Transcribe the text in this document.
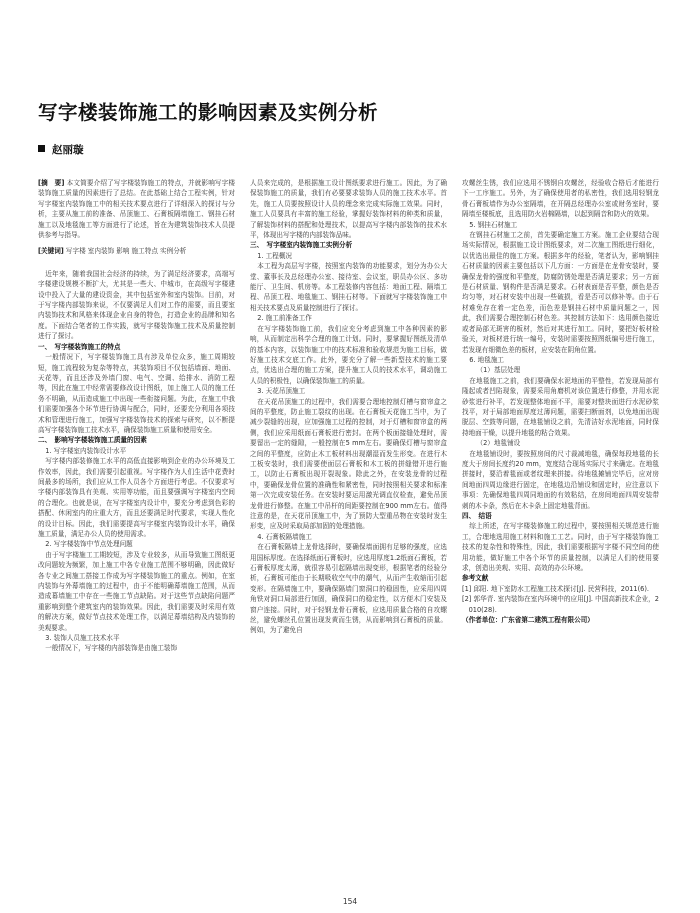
写字楼装饰施工的影响因素及实例分析
赵丽璇

[摘　要] 本文简要介绍了写字楼装饰施工的特点，并就影响写字楼装饰施工质量的因素进行了总结。在此基础上结合工程实例，针对写字楼室内装饰施工中的相关技术要点进行了详细深入的探讨与分析，主要从施工前的准备、吊顶施工、石膏板隔墙施工、钢挂石材施工以及地毯施工等方面进行了论述，旨在为建筑装饰技术人员提供参考与指导。

[关键词] 写字楼 室内装饰 影响 施工特点 实例分析

近年来，随着我国社会经济的持续，为了满足经济要求，高端写字楼建设规模不断扩大，尤其是一些大、中城市，在高级写字楼建设中投入了大量的建设资金，其中包括室外和室内装饰。目前，对于写字楼内部装饰来说，不仅要满足人们对工作的需要，而且要室内装饰技术和风格来体现企业自身的特色，打造企业的品牌和知名度。下面结合笔者的工作实践，就写字楼装饰施工技术及质量控制进行了探讨。

一、　写字楼装饰施工的特点

一般情况下，写字楼装饰施工具有涉及单位众多，施工周期较短，施工流程较为复杂等特点，其装饰项目不仅包括墙面、地面、天花等，而且还涉及外墙门窗、电气、空调、给排水、消防工程等，因此在施工中经常需要修改设计图纸，加上施工人员的施工任务不明确，从而造成施工中出现一些衔接问题。为此，在施工中我们需要加强各个环节进行协调与配合，同时，还要充分利用各项技术和管理进行施工，加强写字楼装饰技术的探索与研究，以不断提高写字楼装饰施工技术水平，确保装饰施工质量和使用安全。

二、　影响写字楼装饰施工质量的因素

1. 写字楼室内装饰设计水平

写字楼内部装修施工水平的高低直接影响到企业的办公环境及工作效率，因此，我们需要引起重视。写字楼作为人们生活中花费时间最多的场所，我们应从工作人员各个方面进行考虑。不仅要求写字楼内部装饰具有美观、实用等功能，而且要强调写字楼室内空间的合理化。也就是说，在写字楼室内设计中，要充分考虑到色彩的搭配、休闲室内的庄重大方，而且还要满足时代要求，实现人性化的设计目标。因此，我们需要提高写字楼室内装饰设计水平，确保施工质量，满足办公人员的使用需求。

2. 写字楼装饰中节点处理问题

由于写字楼施工工期较短，涉及专业较多，从而导致施工图纸更改问题较为频繁，加上施工中各专业施工范围不够明确，因此做好各专业之间施工搭接工作成为写字楼装饰施工的重点。例如，在室内装饰与外幕墙施工的过程中，由于不能明确幕墙施工范围，从而造成幕墙施工中存在一些施工节点缺陷。对于这些节点缺陷问题严重影响到整个建筑室内的装饰效果。因此，我们需要及时采用有效的解决方案，做好节点技术处理工作，以满足幕墙结构及内装饰的美观要求。

3. 装饰人员施工技术水平

一般情况下，写字楼的内部装饰是由施工装饰

人员来完成的，是根据施工设计图纸要求进行施工。因此，为了确保装饰施工的质量，我们有必要要求装饰人员的施工技术水平。首先，施工人员要按照设计人员的理念来完成实际施工效果。同时，施工人员要具有丰富的施工经验，掌握好装饰材料的种类和质量，了解装饰材料的搭配和处理技术，以提高写字楼内部装饰的技术水平，体现出写字楼的内部装饰品味。

三、　写字楼室内装饰施工实例分析

1. 工程概况

本工程为高层写字楼，按照室内装饰的功能要求，划分为办公大堂、董事长及总经理办公室、接待室、会议室，职员办公区、多功能厅、卫生间、机房等。本工程装修内容包括：地面工程、隔墙工程、吊顶工程、地毯施工、钢挂石材等。下面就写字楼装饰施工中相关技术要点及质量控制进行了探讨。

2. 施工前准备工作

在写字楼装饰施工前，我们应充分考虑到施工中各种因素的影响，从而制定出科学合理的施工计划。同时，要掌握好图纸及清单的基本内容，以装饰施工中的技术标准和验收规范为施工目标，做好施工技术交底工作。此外，要充分了解一些新型技术的施工要点，优选出合理的施工方案，提升施工人员的技术水平，调动施工人员的积极性，以确保装饰施工的质量。

3. 天花吊顶施工

在天花吊顶施工的过程中，我们需要合理地控制灯槽与窗帘盒之间的平整度，防止施工裂纹的出现。在石膏板天花施工当中，为了减少裂缝的出现，应加强施工过程的控制，对于灯槽和窗帘盒的两侧，我们应采用纸面石膏板进行密封。在两个板面接缝处理时，需要留出一定的缝隙，一般控制在5 mm左右。要确保灯槽与窗帘盒之间的平整度，应防止木工板材料出现潮湿而发生形变。在进行木工板安装时，我们需要使面层石膏板和木工板的拼缝错开进行施工，以防止石膏板出现开裂现象。除此之外，在安装龙骨的过程中，要确保龙骨位置的准确性和紧密性，同时按照相关要求和标准第一次完成安装任务。在安装时要运用激光调直仪检查，避免吊顶龙骨进行修整。在施工中吊杆的间距要控制在900 mm左右。值得注意的是，在天花吊顶施工中，为了预防大型重吊物在安装时发生形变，应及时采取局部加固的处理措施。

4. 石膏板隔墙施工

在石膏板隔墙上龙骨选择时，要确保墙面拥有足够的强度，应选用国标厚度。在选择纸面石膏板时，应选用厚度1.2纸面石膏板，若石膏板厚度太薄，就很容易引起隔墙出现变形，根据笔者的经验分析，石膏板可能由于长期吸收空气中的潮气，从而产生收缩而引起变形。在隔墙施工中，要确保隔墙门窗洞口的稳固性，应采用四周角铁对洞口局部进行加固，确保洞口的稳定性，以方便木门安装及窗户连接。同时，对于轻钢龙骨石膏板，应选用质量合格的自攻螺丝，避免螺丝孔位置出现发黄而生锈，从而影响到石膏板的质量。例如，为了避免自

攻螺丝生锈，我们应选用不锈钢自攻螺丝，经验收合格后才能进行下一工序施工。另外，为了确保使用者的私密性，我们选用轻钢龙骨石膏板墙作为办公室隔墙，在开隔总经理办公室或财务室时，要隔墙至楼板底，且选用防火岩棉隔墙，以起到隔音和防火的效果。

5. 钢挂石材施工

在钢挂石材施工之前，首先要确定施工方案。施工企业要结合现场实际情况，根据施工设计图纸要求，对二次施工图纸进行细化，以优选出最佳的施工方案。根据多年的经验，笔者认为，影响钢挂石材质量的因素主要包括以下几方面：一方面是在龙骨安装时，要确保龙骨的强度和平整度，防腐防锈处理是否满足要求；另一方面是石材质量、钢构件是否满足要求。石材表面是否平整，颜色是否均匀等，对石材安装中出现一些破损，看是否可以修补等。由于石材难免存在着一定色差，而色差是钢挂石材中质量问题之一，因此，我们需要合理控制石材色差。其控制方法如下：选用颜色接近或者局部无斑害的板材，然后对其进行加工。同时，要把好板材检验关，对板材进行统一编号，安装时需要按照图纸编号进行施工，若发现有细微色差的板材，应安装在阴角位置。

6. 地毯施工

（1）基层处理

在地毯施工之前，我们要确保水泥地面的平整性，若发现局部有隆起或者凹陷现象，需要采用角磨机对该位置进行修整，并用水泥砂浆进行补平，若发现整体地面不平，需要对整块面进行水泥砂浆找平，对于局部地面厚度过薄问题，需要扫断面剂，以免地面出现脱层、空鼓等问题，在地毯铺设之前，先清洁好水泥地面，同时保持地面干燥，以提升地毯的粘合效果。

（2）地毯铺设

在地毯铺设时，要按照房间的尺寸裁减地毯，确保每段地毯的长度大于房间长度约20 mm，宽度结合现场实际尺寸来确定。在地毯拼接时，要沿着毯面或者纹理来拼接。待地毯摊铺完毕后，应对房间地面四周边缘进行固定，在地毯边沿铺设和固定时，应注意以下事项：先确保地毯四周同地面的有效粘结，在房间地面四周安装带刺的木卡条，然后在木卡条上固定地毯背面。

四、　结语

综上所述，在写字楼装修施工的过程中，要按照相关规范进行施工，合理地选用施工材料和施工工艺。同时，由于写字楼装饰施工技术的复杂性和特殊性，因此，我们需要根据写字楼不同空间的使用功能，做好施工中各个环节的质量控制，以满足人们的使用要求，创造出美观、实用、高效的办公环境。

参考文献

[1] 邱阳. 地下室防水工程施工技术探讨[J]. 民营科技，2011(6).

[2] 郭华青. 室内装饰在室内环境中的应用[J]. 中国高新技术企业，2010(28).

（作者单位：广东省第二建筑工程有限公司）

154
